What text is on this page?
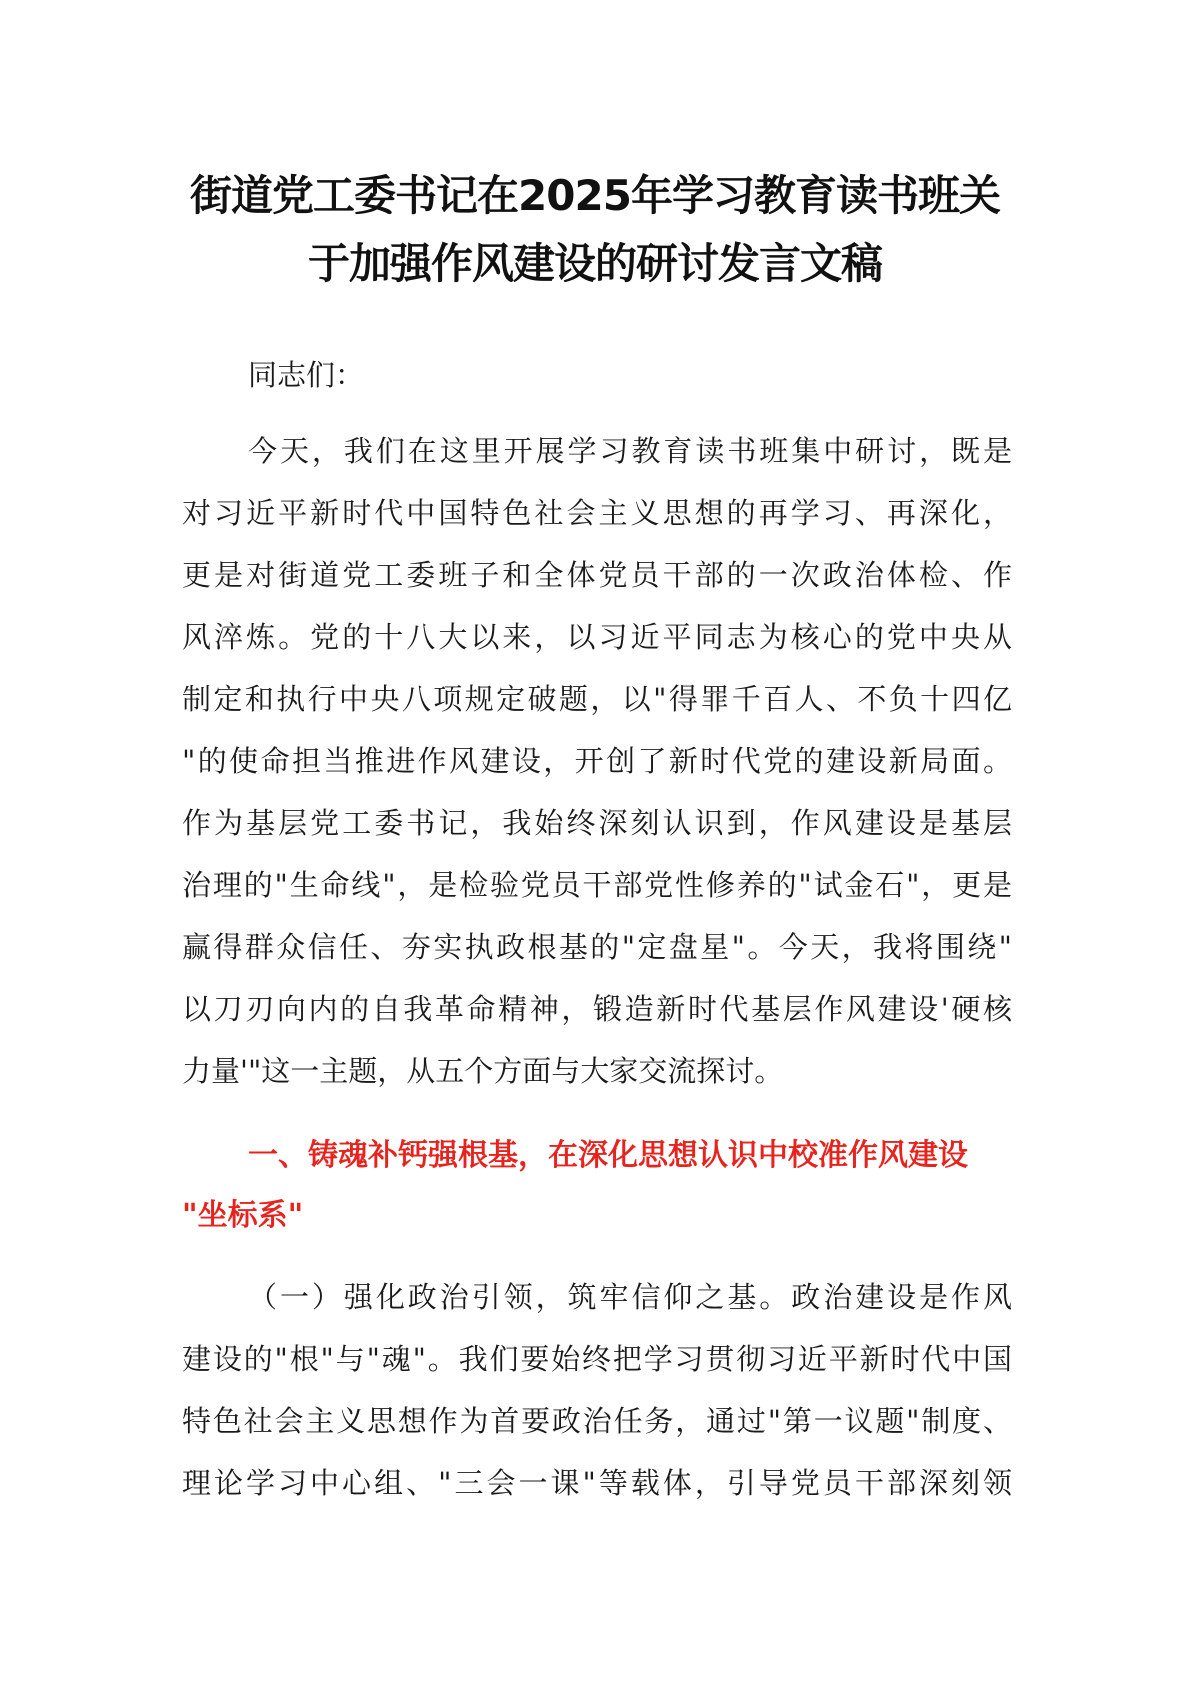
街道党工委书记在2025年学习教育读书班关
于加强作风建设的研讨发言文稿

同志们：

今天，我们在这里开展学习教育读书班集中研讨，既是
对习近平新时代中国特色社会主义思想的再学习、再深化，
更是对街道党工委班子和全体党员干部的一次政治体检、作
风淬炼。党的十八大以来，以习近平同志为核心的党中央从
制定和执行中央八项规定破题，以"得罪千百人、不负十四亿
"的使命担当推进作风建设，开创了新时代党的建设新局面。
作为基层党工委书记，我始终深刻认识到，作风建设是基层
治理的"生命线"，是检验党员干部党性修养的"试金石"，更是
赢得群众信任、夯实执政根基的"定盘星"。今天，我将围绕"
以刀刃向内的自我革命精神，锻造新时代基层作风建设'硬核
力量'"这一主题，从五个方面与大家交流探讨。
一、铸魂补钙强根基，在深化思想认识中校准作风建设
"坐标系"
（一）强化政治引领，筑牢信仰之基。政治建设是作风
建设的"根"与"魂"。我们要始终把学习贯彻习近平新时代中国
特色社会主义思想作为首要政治任务，通过"第一议题"制度、
理论学习中心组、"三会一课"等载体，引导党员干部深刻领
